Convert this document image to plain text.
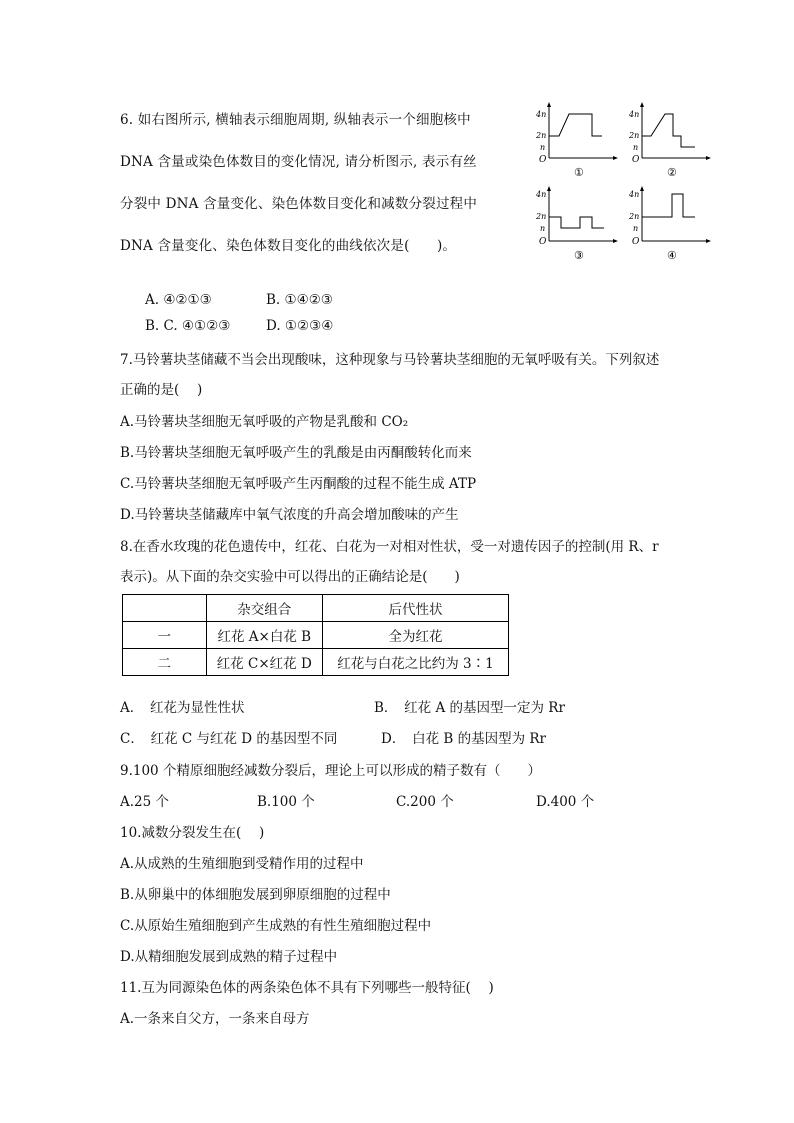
6. 如右图所示, 横轴表示细胞周期, 纵轴表示一个细胞核中
DNA 含量或染色体数目的变化情况, 请分析图示, 表示有丝
分裂中 DNA 含量变化、染色体数目变化和减数分裂过程中
DNA 含量变化、染色体数目变化的曲线依次是(　　)。
A. ④②①③	B. ①④②③
B. C. ④①②③	D. ①②③④
4n
2n
n
O
①
4n
2n
n
O
②
4n
2n
n
O
③
4n
2n
n
O
④
7.马铃薯块茎储藏不当会出现酸味，这种现象与马铃薯块茎细胞的无氧呼吸有关。下列叙述
正确的是(　 )
A.马铃薯块茎细胞无氧呼吸的产物是乳酸和 CO₂
B.马铃薯块茎细胞无氧呼吸产生的乳酸是由丙酮酸转化而来
C.马铃薯块茎细胞无氧呼吸产生丙酮酸的过程不能生成 ATP
D.马铃薯块茎储藏库中氧气浓度的升高会增加酸味的产生
8.在香水玫瑰的花色遗传中，红花、白花为一对相对性状，受一对遗传因子的控制(用 R、r
表示)。从下面的杂交实验中可以得出的正确结论是(　　)
	杂交组合	后代性状
一	红花 A×白花 B	全为红花
二	红花 C×红花 D	红花与白花之比约为 3∶1
A．　红花为显性性状	B．　红花 A 的基因型一定为 Rr
C．　红花 C 与红花 D 的基因型不同	D．　白花 B 的基因型为 Rr
9.100 个精原细胞经减数分裂后，理论上可以形成的精子数有（　　）
A.25 个	B.100 个	C.200 个	D.400 个
10.减数分裂发生在(　 )
A.从成熟的生殖细胞到受精作用的过程中
B.从卵巢中的体细胞发展到卵原细胞的过程中
C.从原始生殖细胞到产生成熟的有性生殖细胞过程中
D.从精细胞发展到成熟的精子过程中
11.互为同源染色体的两条染色体不具有下列哪些一般特征(　 )
A.一条来自父方，一条来自母方
